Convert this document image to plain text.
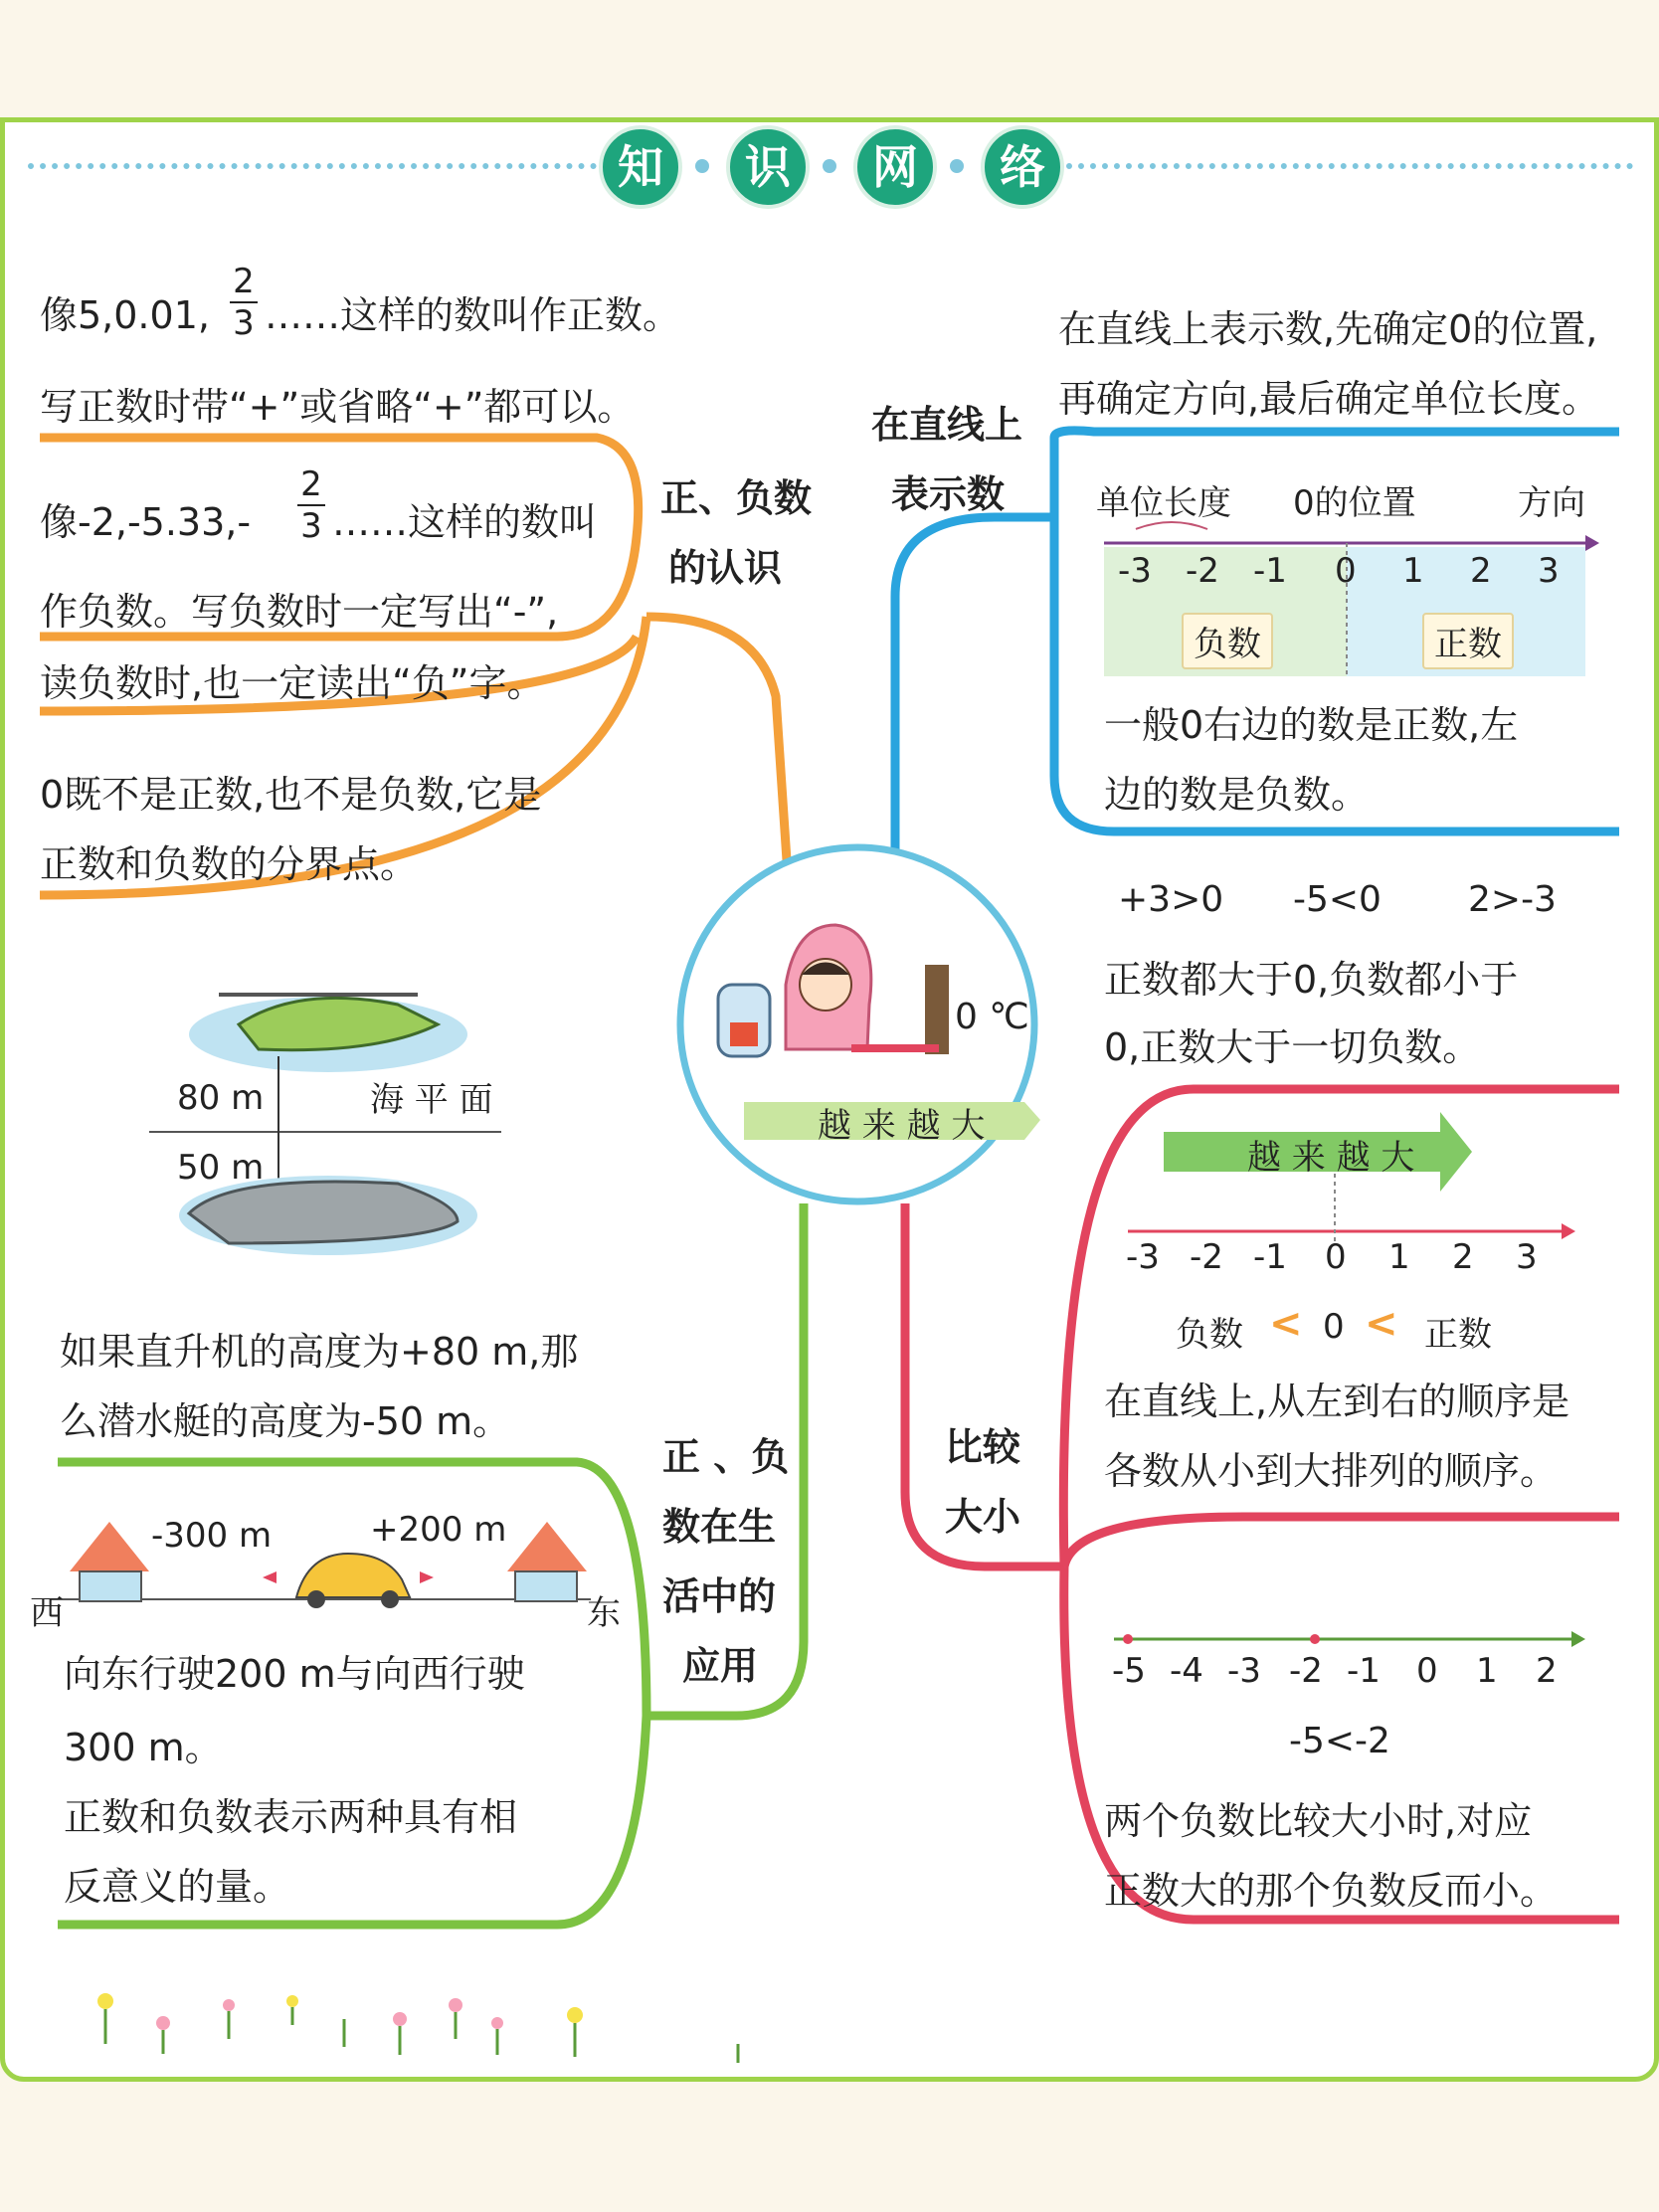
知	识	网	络
0 ℃
越 来 越 大
正、负数
的认识
像5,0.01,
2
3 ……这样的数叫作正数。
写正数时带“+”或省略“+”都可以。
像-2,-5.33,-
2
3 ……这样的数叫
作负数。写负数时一定写出“-”,
读负数时,也一定读出“负”字。
0既不是正数,也不是负数,它是
正数和负数的分界点。
在直线上
表示数
在直线上表示数,先确定0的位置,
再确定方向,最后确定单位长度。
单位长度 0的位置	方向
-3 -2 -1 0 1 2 3
负数	正数
一般0右边的数是正数,左
边的数是负数。
比较
大小
+3>0 -5<0 2>-3
正数都大于0,负数都小于
0,正数大于一切负数。
越 来 越 大
-3 -2 -1 0 1 2 3
负数 < 0 < 正数
在直线上,从左到右的顺序是
各数从小到大排列的顺序。
-5 -4 -3 -2 -1 0 1 2
-5<-2
两个负数比较大小时,对应
正数大的那个负数反而小。
正 、负
数在生
活中的
应用
80 m	海 平 面
50 m
如果直升机的高度为+80 m,那
么潜水艇的高度为-50 m。
西	东
-300 m	+200 m
向东行驶200 m与向西行驶
300 m。
正数和负数表示两种具有相
反意义的量。
